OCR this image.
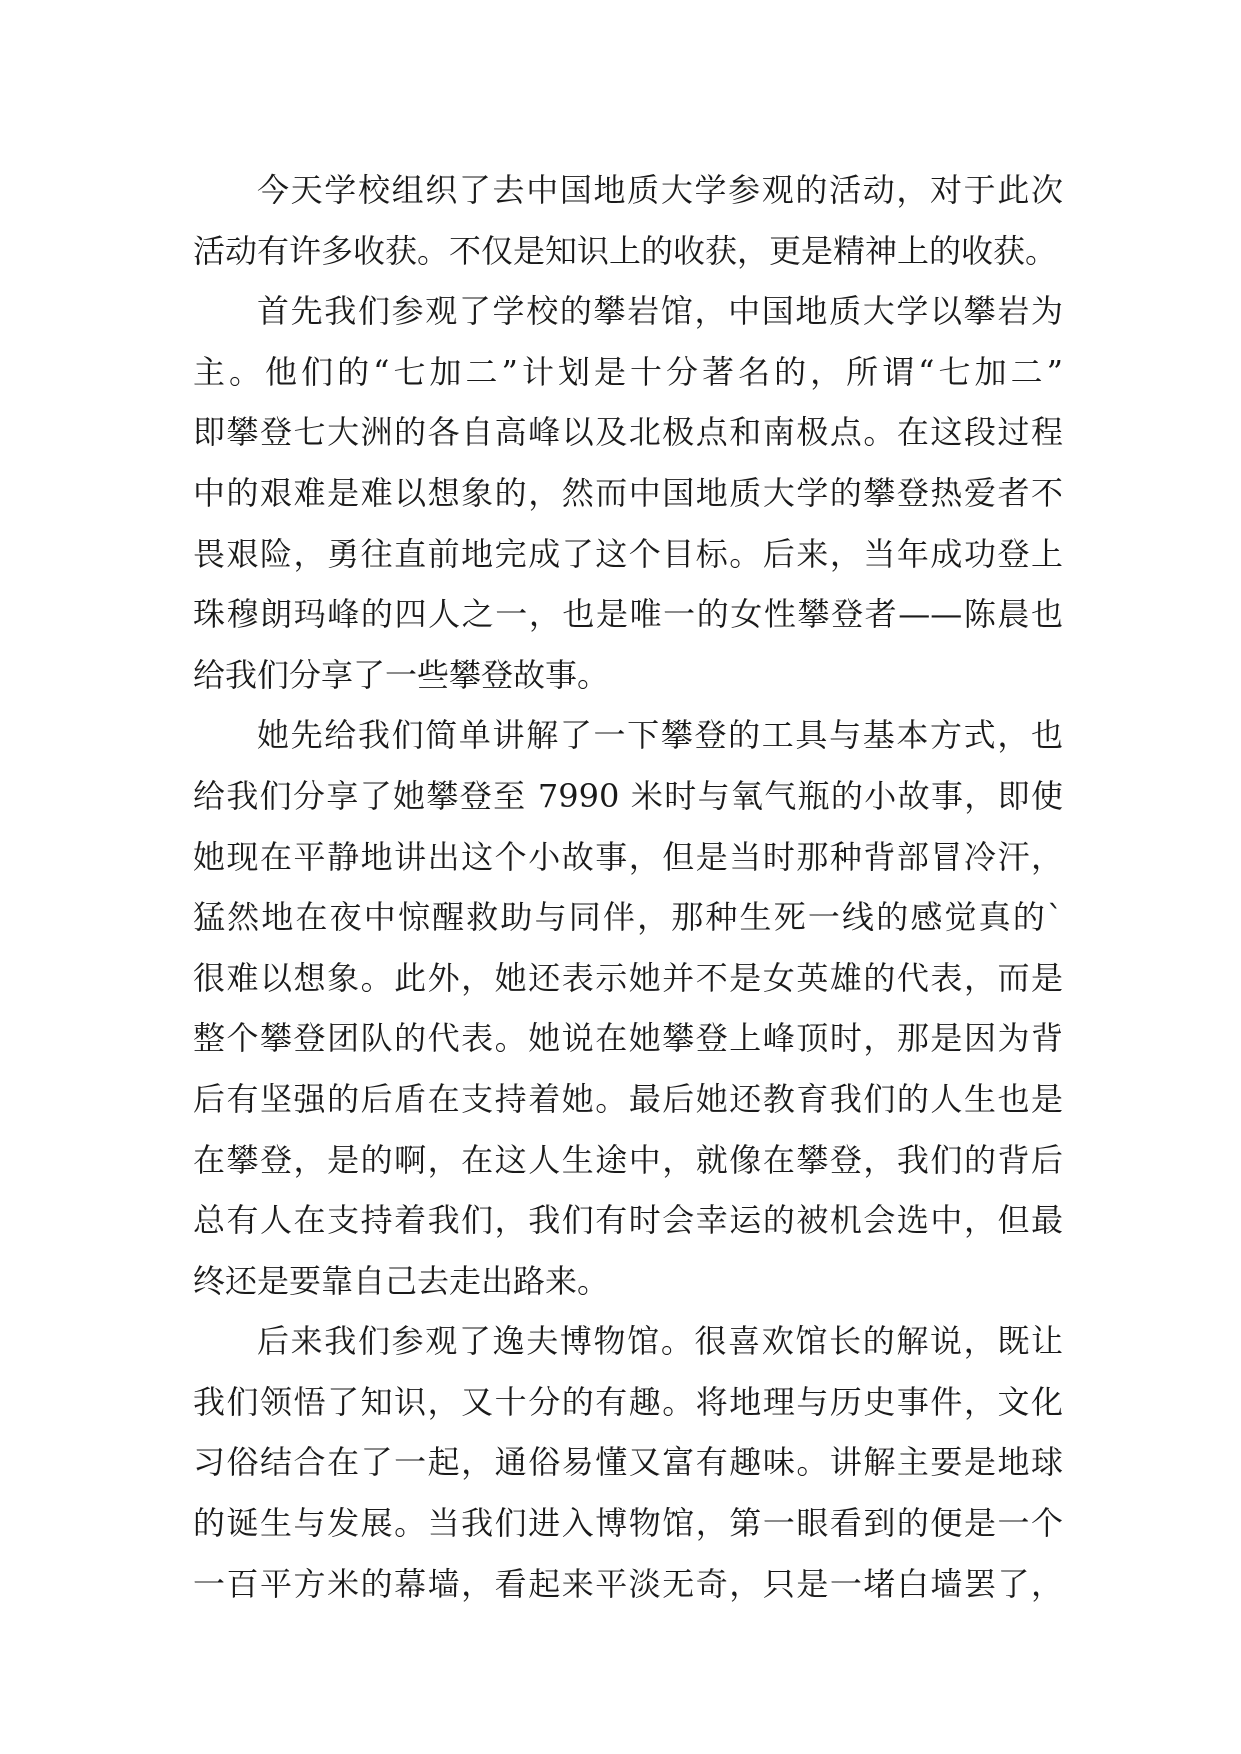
今天学校组织了去中国地质大学参观的活动，对于此次
活动有许多收获。不仅是知识上的收获，更是精神上的收获。
首先我们参观了学校的攀岩馆，中国地质大学以攀岩为
主。他们的“七加二”计划是十分著名的，所谓“七加二”
即攀登七大洲的各自高峰以及北极点和南极点。在这段过程
中的艰难是难以想象的，然而中国地质大学的攀登热爱者不
畏艰险，勇往直前地完成了这个目标。后来，当年成功登上
珠穆朗玛峰的四人之一，也是唯一的女性攀登者——陈晨也
给我们分享了一些攀登故事。
她先给我们简单讲解了一下攀登的工具与基本方式，也
给我们分享了她攀登至 7990 米时与氧气瓶的小故事，即使
她现在平静地讲出这个小故事，但是当时那种背部冒冷汗，
猛然地在夜中惊醒救助与同伴，那种生死一线的感觉真的`
很难以想象。此外，她还表示她并不是女英雄的代表，而是
整个攀登团队的代表。她说在她攀登上峰顶时，那是因为背
后有坚强的后盾在支持着她。最后她还教育我们的人生也是
在攀登，是的啊，在这人生途中，就像在攀登，我们的背后
总有人在支持着我们，我们有时会幸运的被机会选中，但最
终还是要靠自己去走出路来。
后来我们参观了逸夫博物馆。很喜欢馆长的解说，既让
我们领悟了知识，又十分的有趣。将地理与历史事件，文化
习俗结合在了一起，通俗易懂又富有趣味。讲解主要是地球
的诞生与发展。当我们进入博物馆，第一眼看到的便是一个
一百平方米的幕墙，看起来平淡无奇，只是一堵白墙罢了，
